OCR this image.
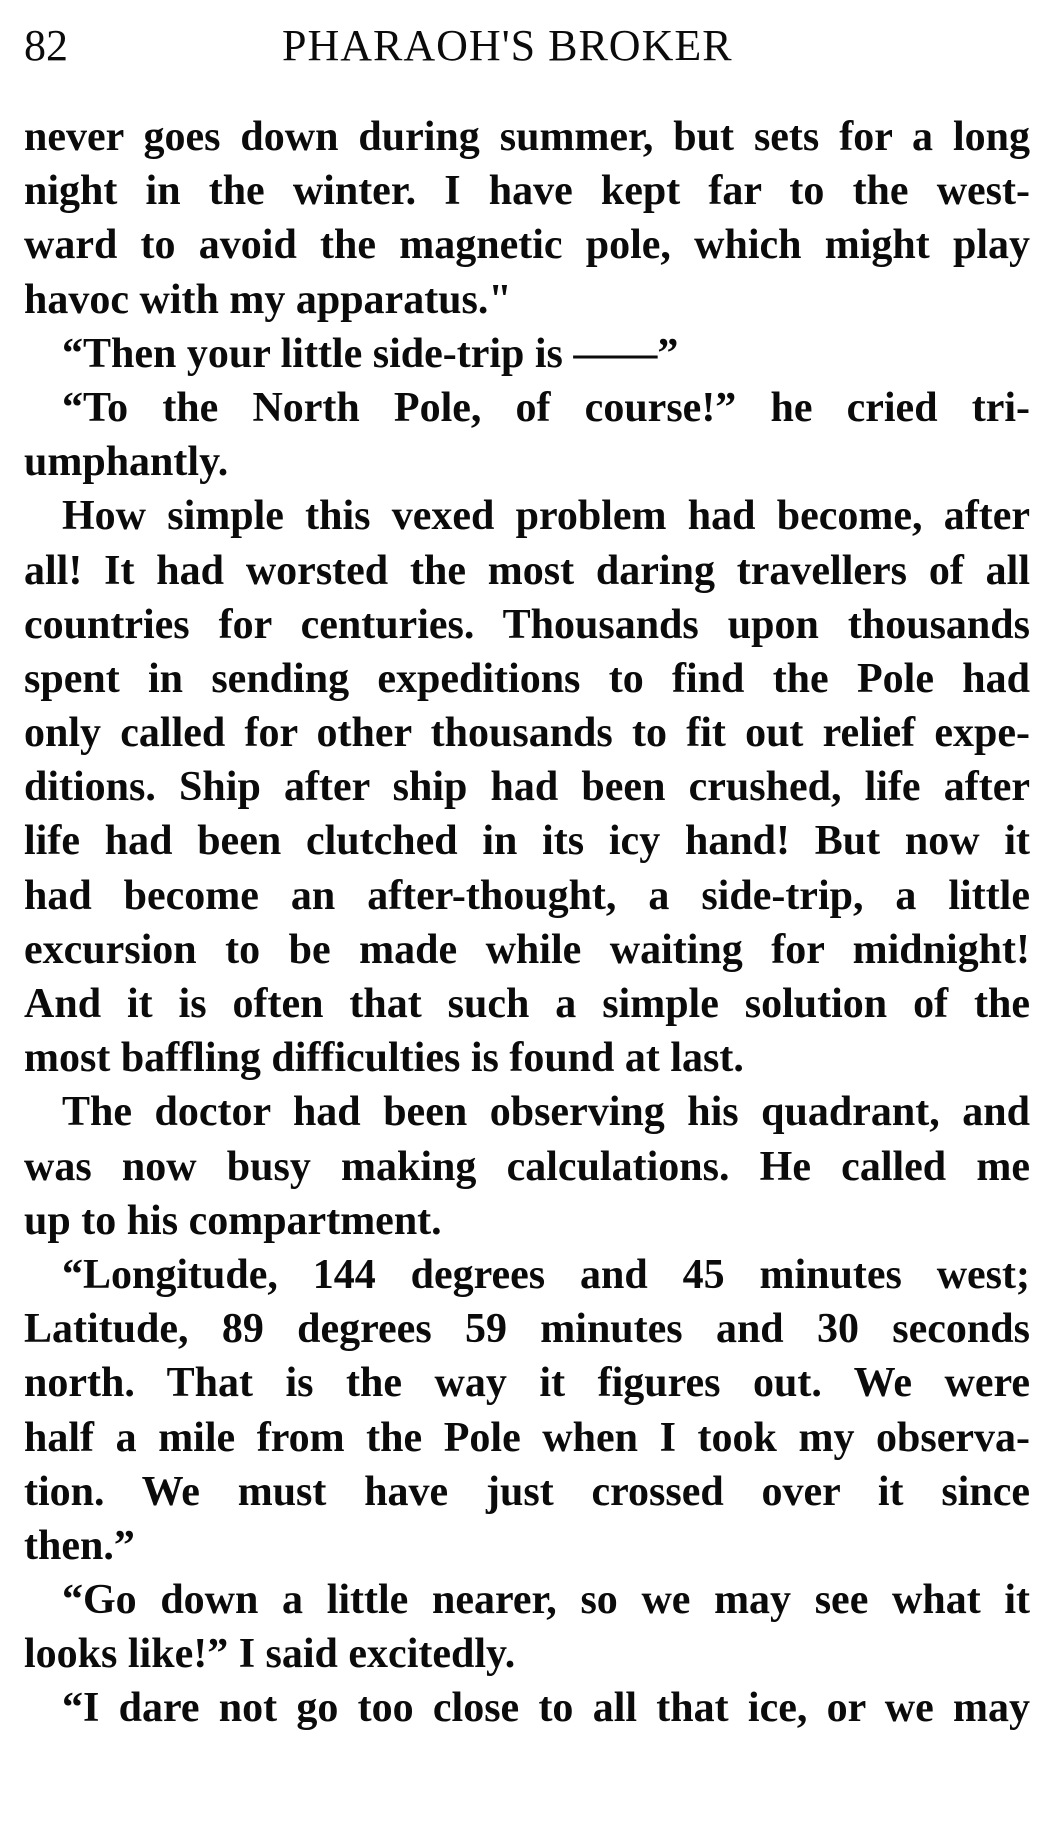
82	PHARAOH'S BROKER
never goes down during summer, but sets for a long
night in the winter. I have kept far to the west-
ward to avoid the magnetic pole, which might play
havoc with my apparatus."
“Then your little side-trip is ——”
“To the North Pole, of course!” he cried tri-
umphantly.
How simple this vexed problem had become, after
all! It had worsted the most daring travellers of all
countries for centuries. Thousands upon thousands
spent in sending expeditions to find the Pole had
only called for other thousands to fit out relief expe-
ditions. Ship after ship had been crushed, life after
life had been clutched in its icy hand! But now it
had become an after-thought, a side-trip, a little
excursion to be made while waiting for midnight!
And it is often that such a simple solution of the
most baffling difficulties is found at last.
The doctor had been observing his quadrant, and
was now busy making calculations. He called me
up to his compartment.
“Longitude, 144 degrees and 45 minutes west;
Latitude, 89 degrees 59 minutes and 30 seconds
north. That is the way it figures out. We were
half a mile from the Pole when I took my observa-
tion. We must have just crossed over it since
then.”
“Go down a little nearer, so we may see what it
looks like!” I said excitedly.
“I dare not go too close to all that ice, or we may
